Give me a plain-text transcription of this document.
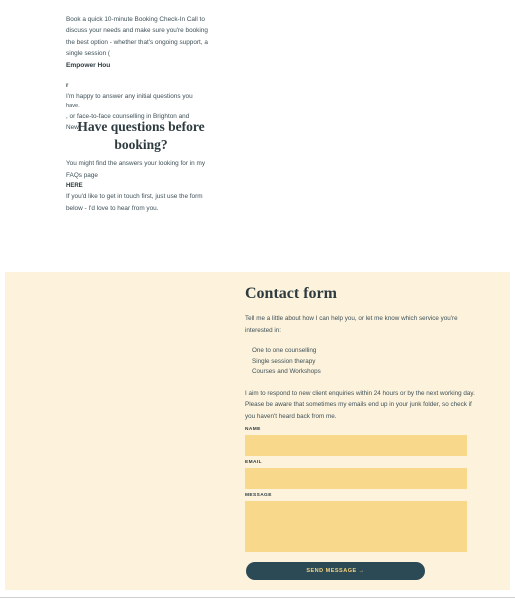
Book a quick 10-minute Booking Check-In Call to discuss your needs and make sure you're booking the best option - whether that's ongoing support, a single session (

Empower Hou

r

I'm happy to answer any initial questions you

have.

, or face-to-face counselling in Brighton and

New
Have questions before booking?

You might find the answers your looking for in my FAQs page

HERE

If you'd like to get in touch first, just use the form below - I'd love to hear from you.

Contact form

Tell me a little about how I can help you, or let me know which service you're interested in:

One to one counselling
Single session therapy
Courses and Workshops

I aim to respond to new client enquiries within 24 hours or by the next working day. Please be aware that sometimes my emails end up in your junk folder, so check if you haven't heard back from me.

NAME

EMAIL

MESSAGE

SEND MESSAGE →
